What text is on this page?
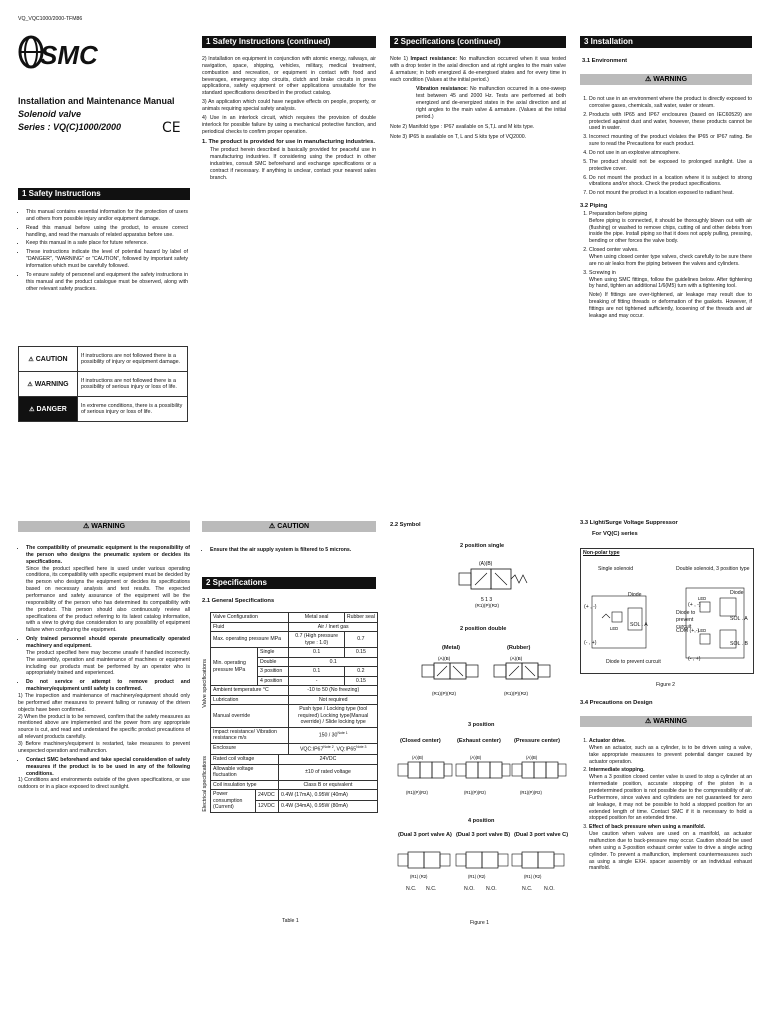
VQ_VQC1000/2000-TFM86
SMC
Installation and Maintenance Manual
Solenoid valve
Series : VQ(C)1000/2000	CE
1 Safety Instructions
• This manual contains essential information for the protection of users and others from possible injury and/or equipment damage.
• Read this manual before using the product, to ensure correct handling, and read the manuals of related apparatus before use.
• Keep this manual in a safe place for future reference.
• These instructions indicate the level of potential hazard by label of "DANGER", "WARNING" or "CAUTION", followed by important safety information which must be carefully followed.
• To ensure safety of personnel and equipment the safety instructions in this manual and the product catalogue must be observed, along with other relevant safety practices.
⚠ CAUTION	If instructions are not followed there is a possibility of injury or equipment damage.
⚠ WARNING	If instructions are not followed there is a possibility of serious injury or loss of life.
⚠ DANGER	In extreme conditions, there is a possibility of serious injury or loss of life.
1 Safety Instructions (continued)
2) Installation on equipment in conjunction with atomic energy, railways, air navigation, space, shipping, vehicles, military, medical treatment, combustion and recreation, or equipment in contact with food and beverages, emergency stop circuits, clutch and brake circuits in press applications, safety equipment or other applications unsuitable for the standard specifications described in the product catalog.
3) An application which could have negative effects on people, property, or animals requiring special safety analysis.
4) Use in an interlock circuit, which requires the provision of double interlock for possible failure by using a mechanical protective function, and periodical checks to confirm proper operation.
1. The product is provided for use in manufacturing industries.
The product herein described is basically provided for peaceful use in manufacturing industries. If considering using the product in other industries, consult SMC beforehand and exchange specifications or a contract if necessary. If anything is unclear, contact your nearest sales branch.
2 Specifications (continued)
Note 1) Impact resistance: No malfunction occurred when it was tested with a drop tester in the axial direction and at right angles to the main valve & armature; in both energized & de-energised states and for every time in each condition (Values at the initial period.)
Vibration resistance: No malfunction occurred in a one-sweep test between 45 and 2000 Hz. Tests are performed at both energized and de-energized states in the axial direction and at right angles to the main valve & armature. (Values at the initial period.)
Note 2) Manifold type : IP67 available on S,T,L and M kits type.
Note 3) IP65 is available on T, L and S kits type of VQ2000.
3 Installation
3.1 Environment
⚠ WARNING
1. Do not use in an environment where the product is directly exposed to corrosive gases, chemicals, salt water, water or steam.
2. Products with IP65 and IP67 enclosures (based on IEC60529) are protected against dust and water, however, these products cannot be used in water.
3. Incorrect mounting of the product violates the IP65 or IP67 rating. Be sure to read the Precautions for each product.
4. Do not use in an explosive atmosphere.
5. The product should not be exposed to prolonged sunlight. Use a protective cover.
6. Do not mount the product in a location where it is subject to strong vibrations and/or shock. Check the product specifications.
7. Do not mount the product in a location exposed to radiant heat.
3.2 Piping
1. Preparation before piping
Before piping is connected, it should be thoroughly blown out with air (flushing) or washed to remove chips, cutting oil and other debris from inside the pipe. Install piping so that it does not apply pulling, pressing, bending or other forces the valve body.
2. Closed center valves.
When using closed center type valves, check carefully to be sure there are no air leaks from the piping between the valves and cylinders.
3. Screwing in
When using SMC fittings, follow the guidelines below. After tightening by hand, tighten an additional 1/6(M5) turn with a tightening tool.
Note) If fittings are over-tightened, air leakage may result due to breaking of fitting threads or deformation of the gaskets. However, if fittings are not tightened sufficiently, loosening of the threads and air leakage and may occur.
⚠ WARNING
• The compatibility of pneumatic equipment is the responsibility of the person who designs the pneumatic system or decides its specifications.
Since the product specified here is used under various operating conditions, its compatibility with specific equipment must be decided by the person who designs the equipment or decides its specifications based on necessary analysis and test results. The expected performance and safety assurance of the equipment will be the responsibility of the person who has determined its compatibility with the product. This person should also continuously review all specifications of the product referring to its latest catalog information, with a view to giving due consideration to any possibility of equipment failure when configuring the equipment.
• Only trained personnel should operate pneumatically operated machinery and equipment.
The product specified here may become unsafe if handled incorrectly. The assembly, operation and maintenance of machines or equipment including our products must be performed by an operator who is appropriately trained and experienced.
• Do not service or attempt to remove product and machinery/equipment until safety is confirmed.
1) The inspection and maintenance of machinery/equipment should only be performed after measures to prevent falling or runaway of the driven objects have been confirmed.
2) When the product is to be removed, confirm that the safety measures as mentioned above are implemented and the power from any appropriate source is cut, and read and understand the specific product precautions of all relevant products carefully.
3) Before machinery/equipment is restarted, take measures to prevent unexpected operation and malfunction.
• Contact SMC beforehand and take special consideration of safety measures if the product is to be used in any of the following conditions.
1) Conditions and environments outside of the given specifications, or use outdoors or in a place exposed to direct sunlight.
⚠ CAUTION
• Ensure that the air supply system is filtered to 5 microns.
2 Specifications
2.1 General Specifications
Valve specifications	Valve Configuration		Metal seal	Rubber seal
	Fluid		Air / Inert gas	
	Max. operating pressure MPa		0.7 (High pressure type : 1.0)	0.7
	Min. operating pressure MPa	Single	0.1	0.15
		Double	0.1	
		3 position	0.1	0.2
		4 position	-	0.15
	Ambient temperature °C		-10 to 50 (No freezing)	
	Lubrication		Not required	
	Manual override		Push type / Locking type (tool required) Locking type(Manual override) / Slide locking type	
	Impact resistance/ Vibration resistance m/s		$150 / 30^{Note 1}$
	Enclosure		$VQC:IP67^{Note 2}$, $VQ:IP65^{Note 3}$
Electrical specifications	Rated coil voltage		24VDC
	Allowable voltage fluctuation		±10 of rated voltage
	Coil insulation type		Class B or equivalent
	Power consumption (Current)	24VDC	0.4W (17mA), 0.95W (40mA)
		12VDC	0.4W (34mA), 0.95W (80mA)
Table 1
2.2 Symbol
2 position single
(A)(B)
5 1 3
(R1)(P)(R2)
2 position double
(Metal)	(Rubber)
(A)(B)
(R1)(P)(R2)
(A)(B)
(R1)(P)(R2)
3 position
(Closed center)	(Exhaust center) (Pressure center)
(A)(B)
(R1)(P)(R2)
(A)(B)
(R1)(P)(R2)
(A)(B)
(R1)(P)(R2)
4 position
(Dual 3 port valve A) (Dual 3 port valve B) (Dual 3 port valve C)
(R1) (R2)	(R1) (R2)	(R1) (R2)
N.C. N.C.	N.O. N.O.	N.C. N.O.
Figure 1
3.3 Light/Surge Voltage Suppressor
For VQ(C) series
Non-polar type
Single solenoid	Double solenoid, 3 position type
LED
LED
LED
Diode	Diode
SOL . A
SOL . A
SOL . B
COM (+,-)
(+ , -)
(- , +)
(+ , -)
(- , +)
Diode to prevent curcuit
Diode to prevent curcuit
Figure 2
3.4 Precautions on Design
⚠ WARNING
1. Actuator drive.
When an actuator, such as a cylinder, is to be driven using a valve, take appropriate measures to prevent potential danger caused by actuator operation.
2. Intermediate stopping.
When a 3 position closed center valve is used to stop a cylinder at an intermediate position, accurate stopping of the piston in a predetermined position is not possible due to the compressibility of air. Furthermore, since valves and cylinders are not guaranteed for zero air leakage, it may not be possible to hold a stopped position for an extended length of time. Contact SMC if it is necessary to hold a stopped position for an extended time.
3. Effect of back pressure when using a manifold.
Use caution when valves are used on a manifold, as actuator malfunction due to back-pressure may occur. Caution should be used when using a 3-position exhaust center valve to drive a single acting cylinder. To prevent a malfunction, implement countermeasures such as using a single EXH. spacer assembly or an individual exhaust manifold.
